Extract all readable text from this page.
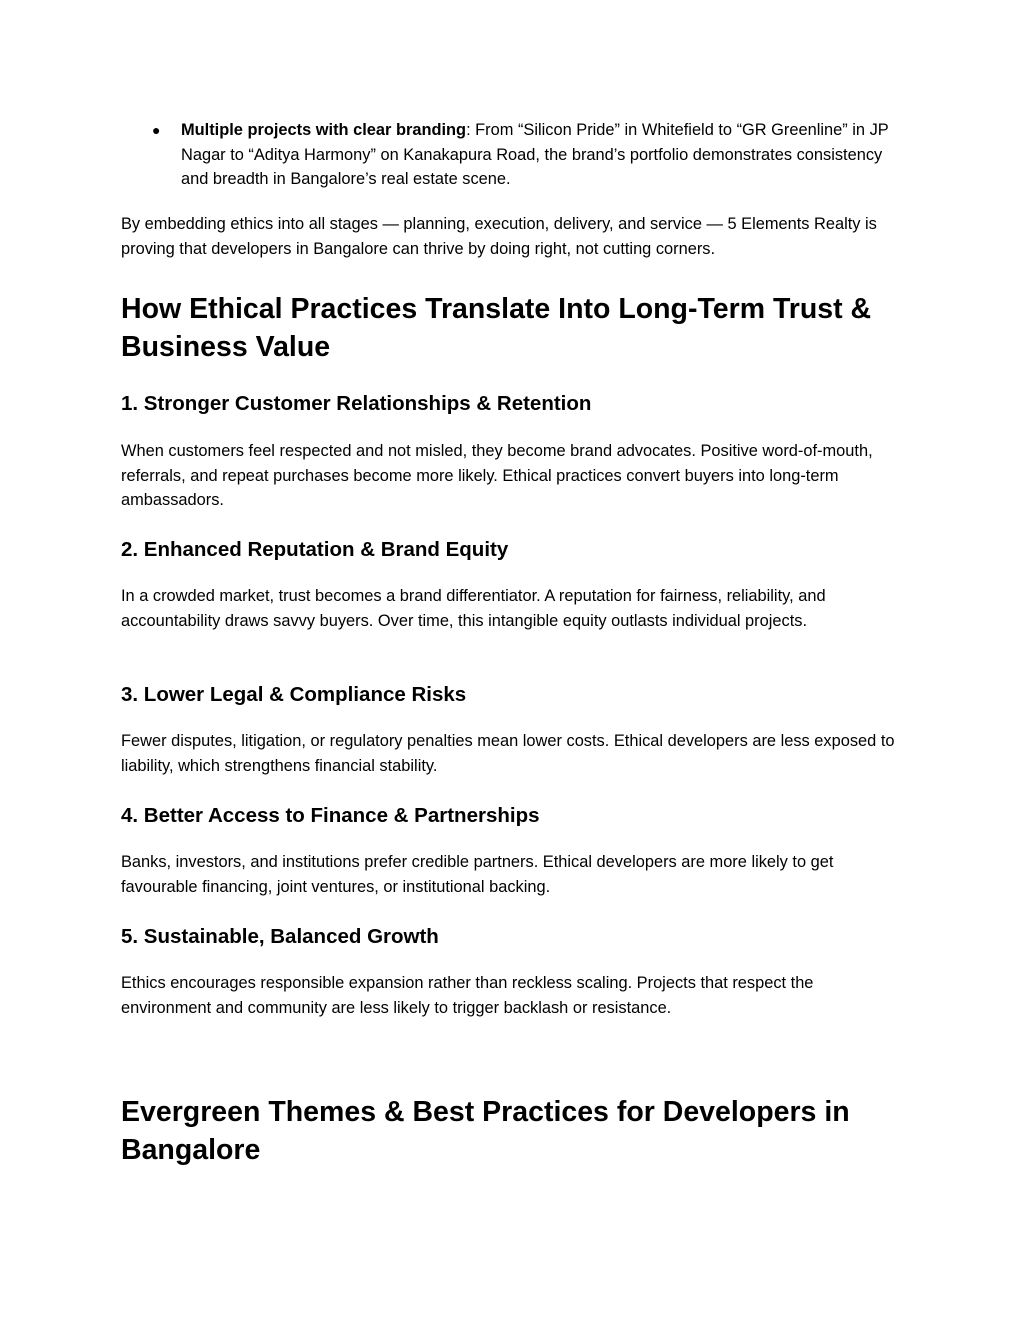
● Multiple projects with clear branding: From “Silicon Pride” in Whitefield to “GR Greenline” in JP Nagar to “Aditya Harmony” on Kanakapura Road, the brand’s portfolio demonstrates consistency and breadth in Bangalore’s real estate scene.

By embedding ethics into all stages — planning, execution, delivery, and service — 5 Elements Realty is proving that developers in Bangalore can thrive by doing right, not cutting corners.

How Ethical Practices Translate Into Long-Term Trust & Business Value
1. Stronger Customer Relationships & Retention

When customers feel respected and not misled, they become brand advocates. Positive word-of-mouth, referrals, and repeat purchases become more likely. Ethical practices convert buyers into long-term ambassadors.

2. Enhanced Reputation & Brand Equity

In a crowded market, trust becomes a brand differentiator. A reputation for fairness, reliability, and accountability draws savvy buyers. Over time, this intangible equity outlasts individual projects.

3. Lower Legal & Compliance Risks

Fewer disputes, litigation, or regulatory penalties mean lower costs. Ethical developers are less exposed to liability, which strengthens financial stability.

4. Better Access to Finance & Partnerships

Banks, investors, and institutions prefer credible partners. Ethical developers are more likely to get favourable financing, joint ventures, or institutional backing.

5. Sustainable, Balanced Growth

Ethics encourages responsible expansion rather than reckless scaling. Projects that respect the environment and community are less likely to trigger backlash or resistance.

Evergreen Themes & Best Practices for Developers in Bangalore
